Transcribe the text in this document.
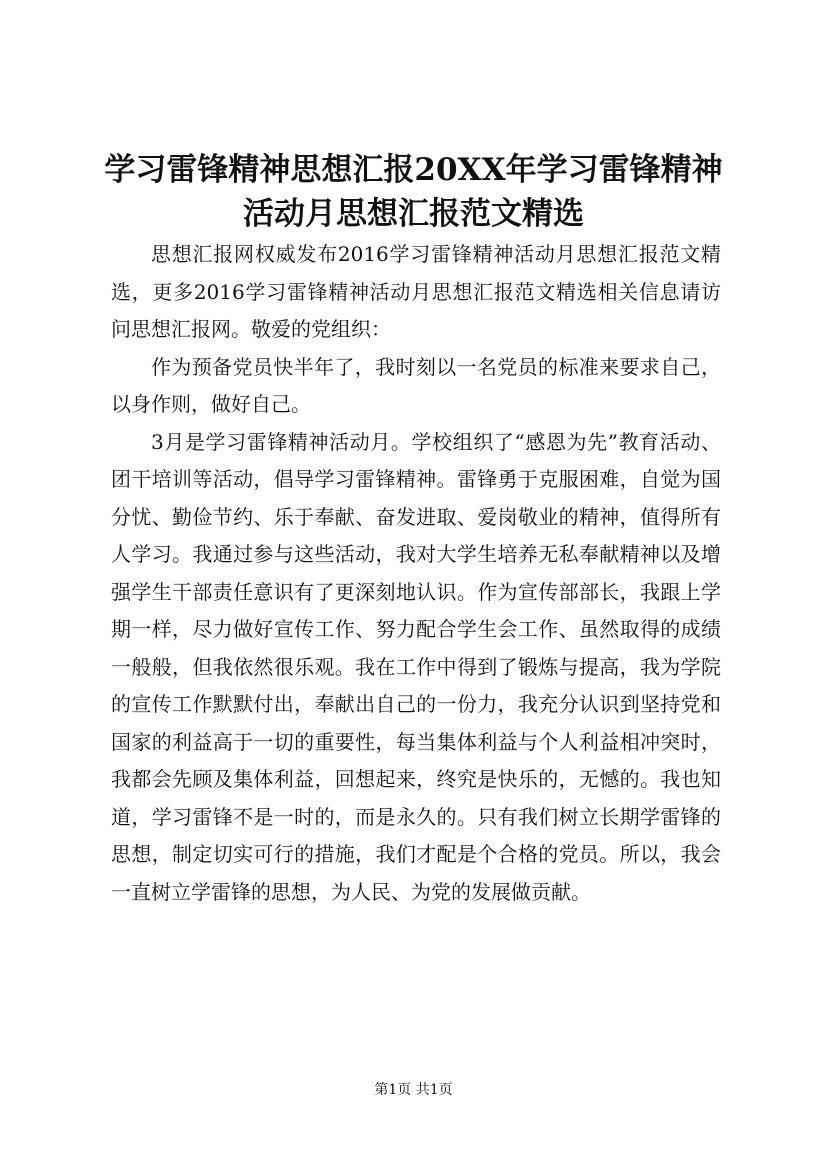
学习雷锋精神思想汇报20XX年学习雷锋精神活动月思想汇报范文精选

思想汇报网权威发布2016学习雷锋精神活动月思想汇报范文精选，更多2016学习雷锋精神活动月思想汇报范文精选相关信息请访问思想汇报网。敬爱的党组织：

作为预备党员快半年了，我时刻以一名党员的标准来要求自己，以身作则，做好自己。

3月是学习雷锋精神活动月。学校组织了“感恩为先”教育活动、团干培训等活动，倡导学习雷锋精神。雷锋勇于克服困难，自觉为国分忧、勤俭节约、乐于奉献、奋发进取、爱岗敬业的精神，值得所有人学习。我通过参与这些活动，我对大学生培养无私奉献精神以及增强学生干部责任意识有了更深刻地认识。作为宣传部部长，我跟上学期一样，尽力做好宣传工作、努力配合学生会工作、虽然取得的成绩一般般，但我依然很乐观。我在工作中得到了锻炼与提高，我为学院的宣传工作默默付出，奉献出自己的一份力，我充分认识到坚持党和国家的利益高于一切的重要性，每当集体利益与个人利益相冲突时，我都会先顾及集体利益，回想起来，终究是快乐的，无憾的。我也知道，学习雷锋不是一时的，而是永久的。只有我们树立长期学雷锋的思想，制定切实可行的措施，我们才配是个合格的党员。所以，我会一直树立学雷锋的思想，为人民、为党的发展做贡献。

第1页 共1页
